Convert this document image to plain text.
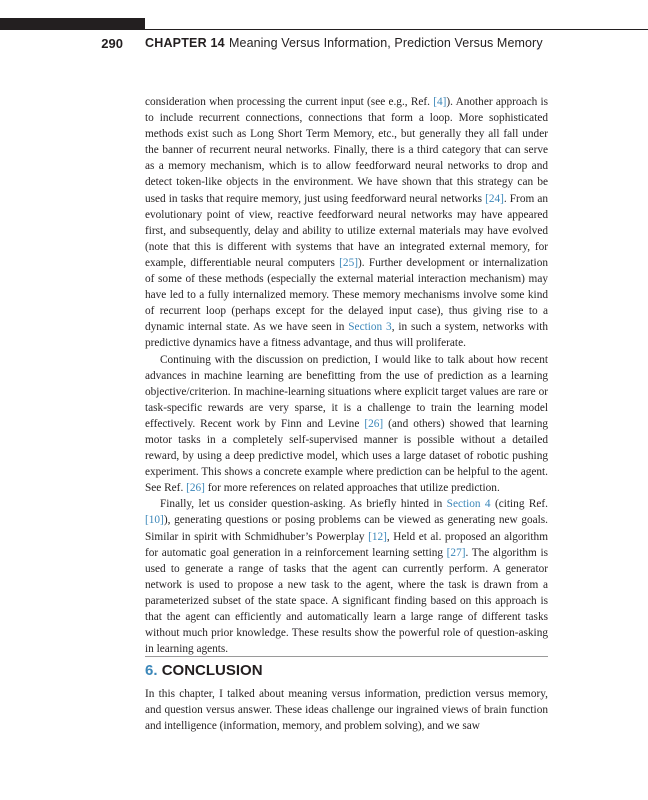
290 CHAPTER 14 Meaning Versus Information, Prediction Versus Memory

consideration when processing the current input (see e.g., Ref. [4]). Another approach is to include recurrent connections, connections that form a loop. More sophisticated methods exist such as Long Short Term Memory, etc., but generally they all fall under the banner of recurrent neural networks. Finally, there is a third category that can serve as a memory mechanism, which is to allow feedforward neural networks to drop and detect token-like objects in the environment. We have shown that this strategy can be used in tasks that require memory, just using feedforward neural networks [24]. From an evolutionary point of view, reactive feedforward neural networks may have appeared first, and subsequently, delay and ability to utilize external materials may have evolved (note that this is different with systems that have an integrated external memory, for example, differentiable neural computers [25]). Further development or internalization of some of these methods (especially the external material interaction mechanism) may have led to a fully internalized memory. These memory mechanisms involve some kind of recurrent loop (perhaps except for the delayed input case), thus giving rise to a dynamic internal state. As we have seen in Section 3, in such a system, networks with predictive dynamics have a fitness advantage, and thus will proliferate.

Continuing with the discussion on prediction, I would like to talk about how recent advances in machine learning are benefitting from the use of prediction as a learning objective/criterion. In machine-learning situations where explicit target values are rare or task-specific rewards are very sparse, it is a challenge to train the learning model effectively. Recent work by Finn and Levine [26] (and others) showed that learning motor tasks in a completely self-supervised manner is possible without a detailed reward, by using a deep predictive model, which uses a large dataset of robotic pushing experiment. This shows a concrete example where prediction can be helpful to the agent. See Ref. [26] for more references on related approaches that utilize prediction.

Finally, let us consider question-asking. As briefly hinted in Section 4 (citing Ref. [10]), generating questions or posing problems can be viewed as generating new goals. Similar in spirit with Schmidhuber’s Powerplay [12], Held et al. proposed an algorithm for automatic goal generation in a reinforcement learning setting [27]. The algorithm is used to generate a range of tasks that the agent can currently perform. A generator network is used to propose a new task to the agent, where the task is drawn from a parameterized subset of the state space. A significant finding based on this approach is that the agent can efficiently and automatically learn a large range of different tasks without much prior knowledge. These results show the powerful role of question-asking in learning agents.

6. CONCLUSION

In this chapter, I talked about meaning versus information, prediction versus memory, and question versus answer. These ideas challenge our ingrained views of brain function and intelligence (information, memory, and problem solving), and we saw
